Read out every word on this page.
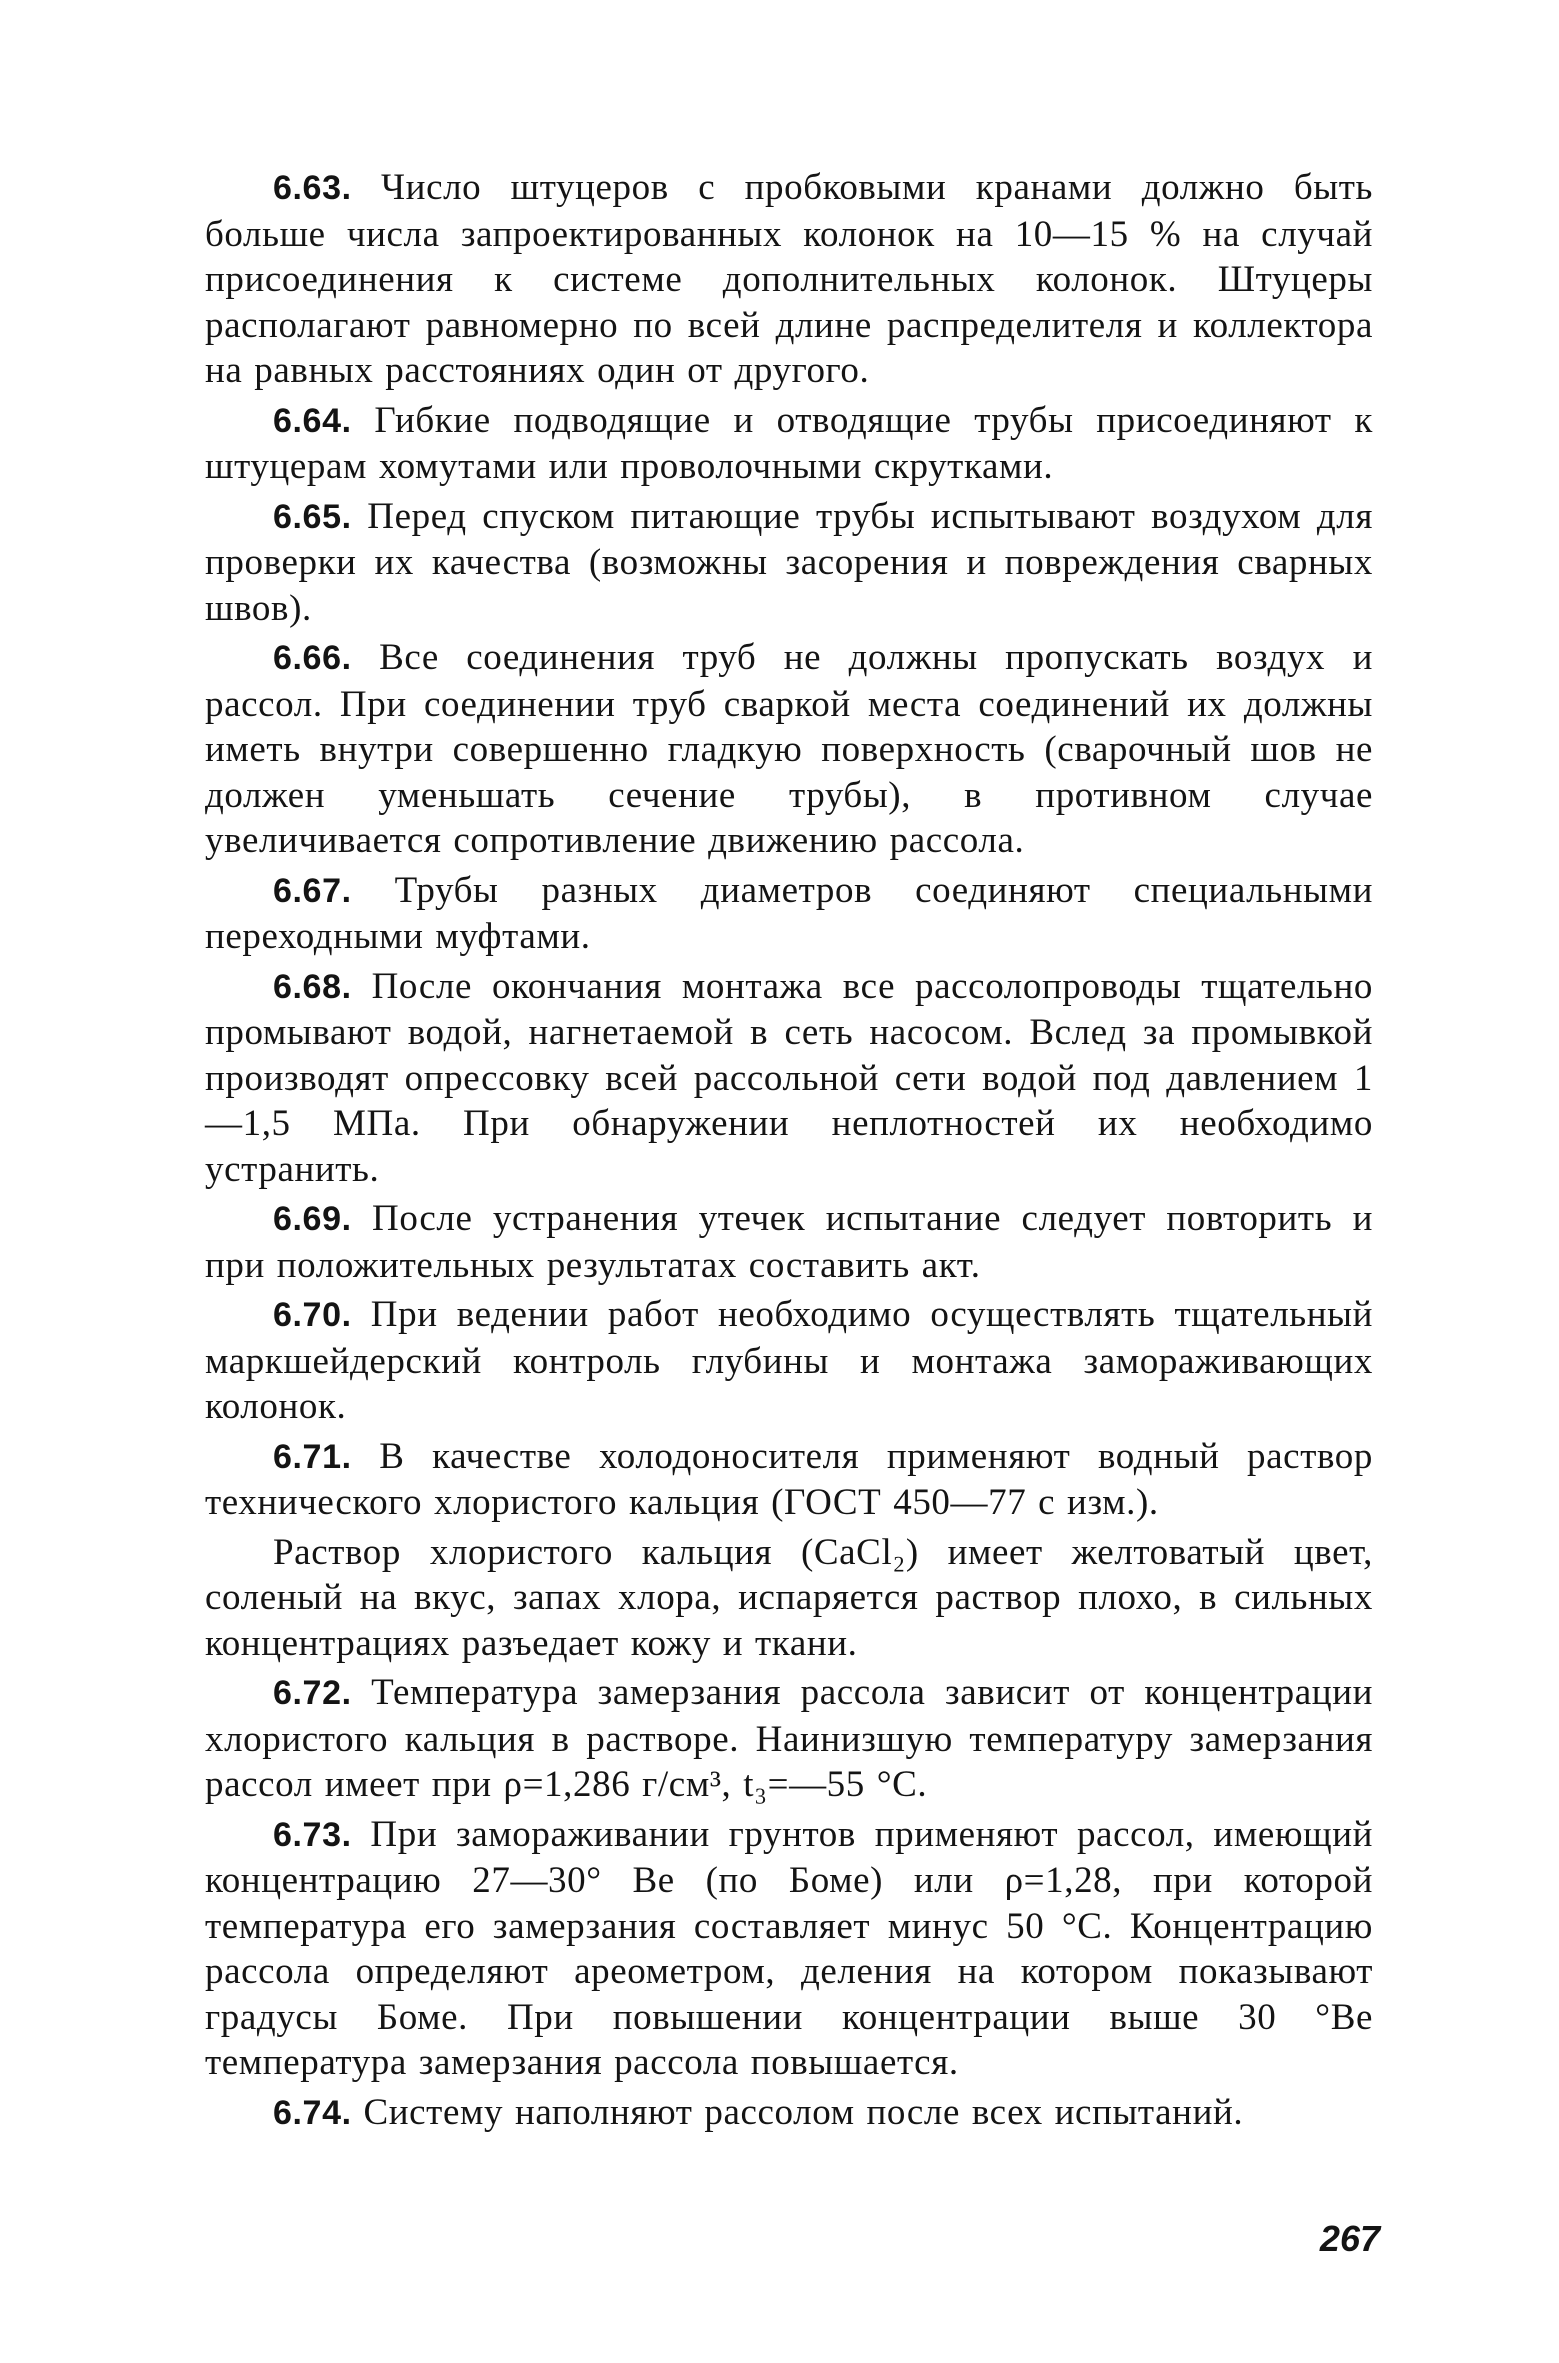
6.63. Число штуцеров с пробковыми кранами должно быть больше числа запроектированных колонок на 10—15 % на случай присоединения к системе дополнительных колонок. Штуцеры располагают равномерно по всей длине распределителя и коллектора на равных расстояниях один от другого.

6.64. Гибкие подводящие и отводящие трубы присоединяют к штуцерам хомутами или проволочными скрутками.

6.65. Перед спуском питающие трубы испытывают воздухом для проверки их качества (возможны засорения и повреждения сварных швов).

6.66. Все соединения труб не должны пропускать воздух и рассол. При соединении труб сваркой места соединений их должны иметь внутри совершенно гладкую поверхность (сварочный шов не должен уменьшать сечение трубы), в противном случае увеличивается сопротивление движению рассола.

6.67. Трубы разных диаметров соединяют специальными переходными муфтами.

6.68. После окончания монтажа все рассолопроводы тщательно промывают водой, нагнетаемой в сеть насосом. Вслед за промывкой производят опрессовку всей рассольной сети водой под давлением 1—1,5 МПа. При обнаружении неплотностей их необходимо устранить.

6.69. После устранения утечек испытание следует повторить и при положительных результатах составить акт.

6.70. При ведении работ необходимо осуществлять тщательный маркшейдерский контроль глубины и монтажа замораживающих колонок.

6.71. В качестве холодоносителя применяют водный раствор технического хлористого кальция (ГОСТ 450—77 с изм.).

Раствор хлористого кальция (CaCl₂) имеет желтоватый цвет, соленый на вкус, запах хлора, испаряется раствор плохо, в сильных концентрациях разъедает кожу и ткани.

6.72. Температура замерзания рассола зависит от концентрации хлористого кальция в растворе. Наинизшую температуру замерзания рассол имеет при ρ=1,286 г/см³, t₃=—55 °С.

6.73. При замораживании грунтов применяют рассол, имеющий концентрацию 27—30° Ве (по Боме) или ρ=1,28, при которой температура его замерзания составляет минус 50 °С. Концентрацию рассола определяют ареометром, деления на котором показывают градусы Боме. При повышении концентрации выше 30 °Ве температура замерзания рассола повышается.

6.74. Систему наполняют рассолом после всех испытаний.

267
